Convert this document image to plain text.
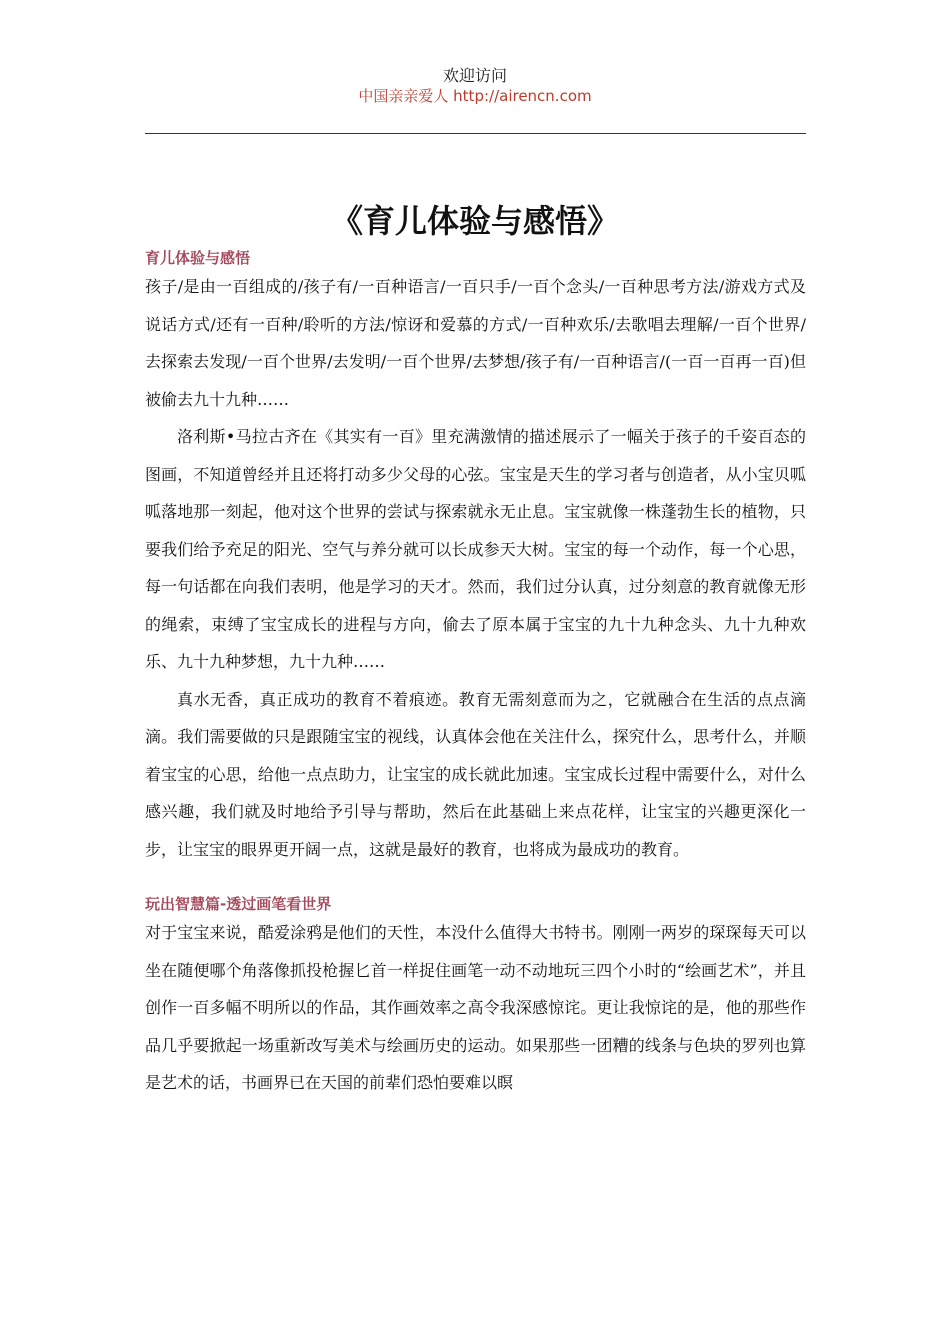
欢迎访问
中国亲亲爱人 http://airencn.com
《育儿体验与感悟》
育儿体验与感悟

孩子/是由一百组成的/孩子有/一百种语言/一百只手/一百个念头/一百种思考方法/游戏方式及说话方式/还有一百种/聆听的方法/惊讶和爱慕的方式/一百种欢乐/去歌唱去理解/一百个世界/去探索去发现/一百个世界/去发明/一百个世界/去梦想/孩子有/一百种语言/(一百一百再一百)但被偷去九十九种……

洛利斯•马拉古齐在《其实有一百》里充满激情的描述展示了一幅关于孩子的千姿百态的图画，不知道曾经并且还将打动多少父母的心弦。宝宝是天生的学习者与创造者，从小宝贝呱呱落地那一刻起，他对这个世界的尝试与探索就永无止息。宝宝就像一株蓬勃生长的植物，只要我们给予充足的阳光、空气与养分就可以长成参天大树。宝宝的每一个动作，每一个心思，每一句话都在向我们表明，他是学习的天才。然而，我们过分认真，过分刻意的教育就像无形的绳索，束缚了宝宝成长的进程与方向，偷去了原本属于宝宝的九十九种念头、九十九种欢乐、九十九种梦想，九十九种……

真水无香，真正成功的教育不着痕迹。教育无需刻意而为之，它就融合在生活的点点滴滴。我们需要做的只是跟随宝宝的视线，认真体会他在关注什么，探究什么，思考什么，并顺着宝宝的心思，给他一点点助力，让宝宝的成长就此加速。宝宝成长过程中需要什么，对什么感兴趣，我们就及时地给予引导与帮助，然后在此基础上来点花样，让宝宝的兴趣更深化一步，让宝宝的眼界更开阔一点，这就是最好的教育，也将成为最成功的教育。

玩出智慧篇-透过画笔看世界

对于宝宝来说，酷爱涂鸦是他们的天性，本没什么值得大书特书。刚刚一两岁的琛琛每天可以坐在随便哪个角落像抓投枪握匕首一样捉住画笔一动不动地玩三四个小时的“绘画艺术”，并且创作一百多幅不明所以的作品，其作画效率之高令我深感惊诧。更让我惊诧的是，他的那些作品几乎要掀起一场重新改写美术与绘画历史的运动。如果那些一团糟的线条与色块的罗列也算是艺术的话，书画界已在天国的前辈们恐怕要难以瞑
